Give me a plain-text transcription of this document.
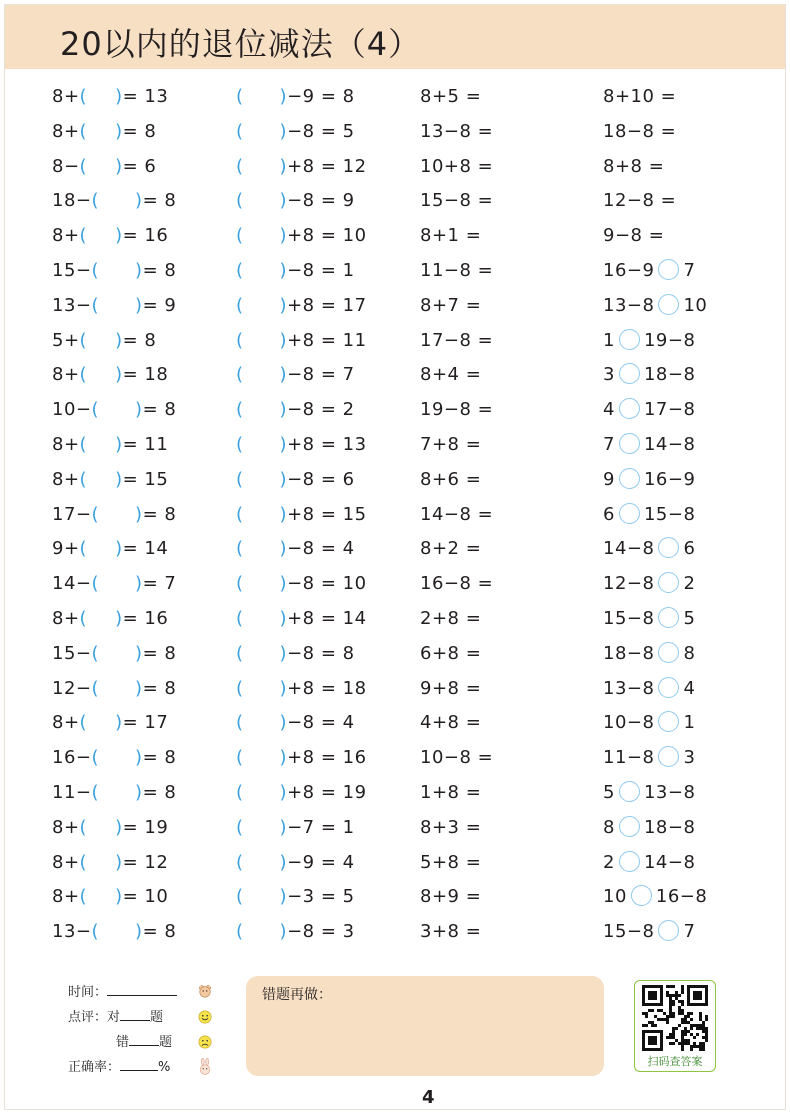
20以内的退位减法（4）
8+( )= 13
8+( )= 8
8−( )= 6
18−( )= 8
8+( )= 16
15−( )= 8
13−( )= 9
5+( )= 8
8+( )= 18
10−( )= 8
8+( )= 11
8+( )= 15
17−( )= 8
9+( )= 14
14−( )= 7
8+( )= 16
15−( )= 8
12−( )= 8
8+( )= 17
16−( )= 8
11−( )= 8
8+( )= 19
8+( )= 12
8+( )= 10
13−( )= 8
( )−9 = 8
( )−8 = 5
( )+8 = 12
( )−8 = 9
( )+8 = 10
( )−8 = 1
( )+8 = 17
( )+8 = 11
( )−8 = 7
( )−8 = 2
( )+8 = 13
( )−8 = 6
( )+8 = 15
( )−8 = 4
( )−8 = 10
( )+8 = 14
( )−8 = 8
( )+8 = 18
( )−8 = 4
( )+8 = 16
( )+8 = 19
( )−7 = 1
( )−9 = 4
( )−3 = 5
( )−8 = 3
8+5 =
13−8 =
10+8 =
15−8 =
8+1 =
11−8 =
8+7 =
17−8 =
8+4 =
19−8 =
7+8 =
8+6 =
14−8 =
8+2 =
16−8 =
2+8 =
6+8 =
9+8 =
4+8 =
10−8 =
1+8 =
8+3 =
5+8 =
8+9 =
3+8 =
8+10 =
18−8 =
8+8 =
12−8 =
9−8 =
16−9 7
13−8 10
1 19−8
3 18−8
4 17−8
7 14−8
9 16−9
6 15−8
14−8 6
12−8 2
15−8 5
18−8 8
13−8 4
10−8 1
11−8 3
5 13−8
8 18−8
2 14−8
10 16−8
15−8 7
时间：
点评：对 题
错 题
正确率：	%
错题再做：
扫码查答案
4
